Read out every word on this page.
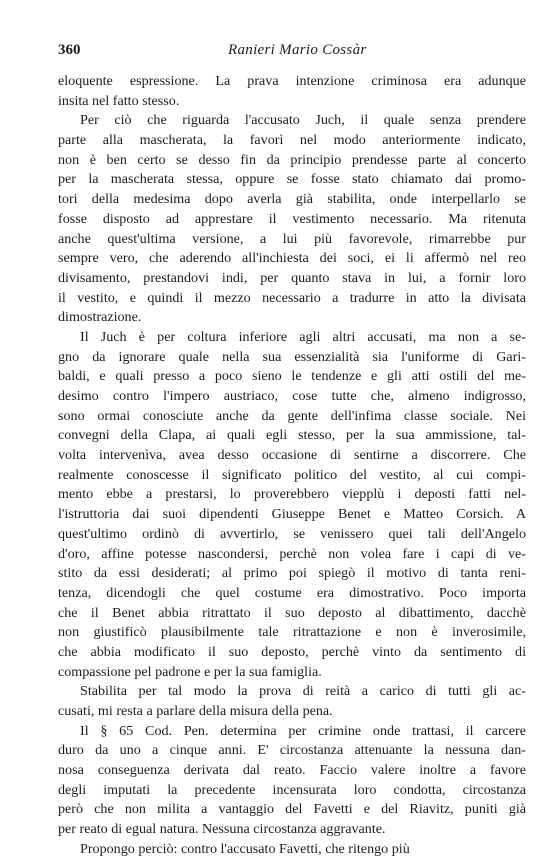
360	Ranieri Mario Cossàr
eloquente espressione. La prava intenzione criminosa era adunque
insita nel fatto stesso.
Per ciò che riguarda l'accusato Juch, il quale senza prendere
parte alla mascherata, la favorì nel modo anteriormente indicato,
non è ben certo se desso fin da principio prendesse parte al concerto
per la mascherata stessa, oppure se fosse stato chiamato dai promo-
tori della medesima dopo averla già stabilita, onde interpellarlo se
fosse disposto ad apprestare il vestimento necessario. Ma ritenuta
anche quest'ultima versione, a lui più favorevole, rimarrebbe pur
sempre vero, che aderendo all'inchiesta dei soci, ei li affermò nel reo
divisamento, prestandovi indi, per quanto stava in lui, a fornir loro
il vestito, e quindi il mezzo necessario a tradurre in atto la divisata
dimostrazione.
Il Juch è per coltura inferiore agli altri accusati, ma non a se-
gno da ignorare quale nella sua essenzialità sia l'uniforme di Gari-
baldi, e quali presso a poco sieno le tendenze e gli atti ostili del me-
desimo contro l'impero austriaco, cose tutte che, almeno indigrosso,
sono ormai conosciute anche da gente dell'infima classe sociale. Nei
convegni della Clapa, ai quali egli stesso, per la sua ammissione, tal-
volta intervenìva, avea desso occasione di sentirne a discorrere. Che
realmente conoscesse il significato politico del vestito, al cui compi-
mento ebbe a prestarsi, lo proverebbero viepplù i deposti fatti nel-
l'istruttoria dai suoi dipendenti Giuseppe Benet e Matteo Corsich. A
quest'ultimo ordinò di avvertirlo, se venissero quei tali dell'Angelo
d'oro, affine potesse nascondersi, perchè non volea fare i capi di ve-
stito da essi desiderati; al primo poi spiegò il motivo di tanta reni-
tenza, dicendogli che quel costume era dimostrativo. Poco importa
che il Benet abbia ritrattato il suo deposto al dibattimento, dacchè
non giustificò plausibilmente tale ritrattazione e non è inverosimile,
che abbia modificato il suo deposto, perchè vinto da sentimento di
compassione pel padrone e per la sua famiglia.
Stabilita per tal modo la prova di reità a carico di tutti gli ac-
cusati, mi resta a parlare della misura della pena.
Il § 65 Cod. Pen. determina per crimine onde trattasi, il carcere
duro da uno a cinque anni. E' circostanza attenuante la nessuna dan-
nosa conseguenza derivata dal reato. Faccio valere inoltre a favore
degli imputati la precedente incensurata loro condotta, circostanza
però che non milita a vantaggio del Favetti e del Riavitz, puniti già
per reato di egual natura. Nessuna circostanza aggravante.
Propongo perciò: contro l'accusato Favetti, che ritengo più
